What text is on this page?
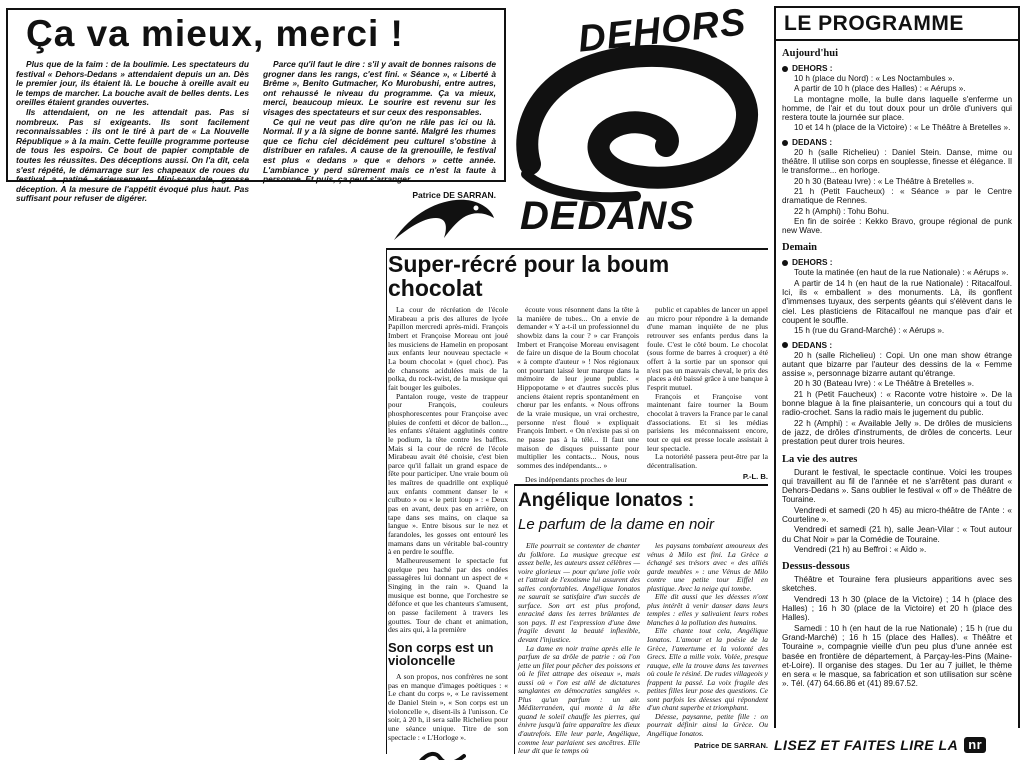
Ça va mieux, merci !

Plus que de la faim : de la boulimie. Les spectateurs du festival « Dehors-Dedans » attendaient depuis un an. Dès le premier jour, ils étaient là. Le bouche à oreille avait eu le temps de marcher. La bouche avait de belles dents. Les oreilles étaient grandes ouvertes.

Ils attendaient, on ne les attendait pas. Pas si nombreux. Pas si exigeants. Ils sont facilement reconnaissables : ils ont le tiré à part de « La Nouvelle République » à la main. Cette feuille programme porteuse de tous les espoirs. Ce bout de papier comptable de toutes les réussites. Des déceptions aussi. On l'a dit, cela s'est répété, le démarrage sur les chapeaux de roues du festival a patiné sérieusement. Mini-scandale, grosse déception. A la mesure de l'appétit évoqué plus haut. Pas suffisant pour refuser de digérer.

Parce qu'il faut le dire : s'il y avait de bonnes raisons de grogner dans les rangs, c'est fini. « Séance », « Liberté à Brême », Benito Gutmacher, Ko Murobushi, entre autres, ont rehaussé le niveau du programme. Ça va mieux, merci, beaucoup mieux. Le sourire est revenu sur les visages des spectateurs et sur ceux des responsables.

Ce qui ne veut pas dire qu'on ne râle pas ici ou là. Normal. Il y a là signe de bonne santé. Malgré les rhumes que ce fichu ciel décidément peu culturel s'obstine à distribuer en rafales. A cause de la grenouille, le festival est plus « dedans » que « dehors » cette année. L'ambiance y perd sûrement mais ce n'est la faute à personne. Et puis, ça peut s'arranger...

Patrice DE SARRAN.
DEHORS
DEDANS
LE PROGRAMME
Aujourd'hui
DEHORS :

10 h (place du Nord) : « Les Noctambules ».

A partir de 10 h (place des Halles) : « Aérups ».

La montagne molle, la bulle dans laquelle s'enferme un homme, de l'air et du tout doux pour un drôle d'univers qui restera toute la journée sur place.

10 et 14 h (place de la Victoire) : « Le Théâtre à Bretelles ».

DEDANS :

20 h (salle Richelieu) : Daniel Stein. Danse, mime ou théâtre. Il utilise son corps en souplesse, finesse et élégance. Il le transforme... en horloge.

20 h 30 (Bateau Ivre) : « Le Théâtre à Bretelles ».

21 h (Petit Faucheux) : « Séance » par le Centre dramatique de Rennes.

22 h (Amphi) : Tohu Bohu.

En fin de soirée : Kekko Bravo, groupe régional de punk new Wave.

Demain
DEHORS :

Toute la matinée (en haut de la rue Nationale) : « Aérups ».

A partir de 14 h (en haut de la rue Nationale) : Ritacalfoul. Ici, ils « emballent » des monuments. Là, ils gonflent d'immenses tuyaux, des serpents géants qui s'élèvent dans le ciel. Les plasticiens de Ritacalfoul ne manque pas d'air et coupent le souffle.

15 h (rue du Grand-Marché) : « Aérups ».

DEDANS :

20 h (salle Richelieu) : Copi. Un one man show étrange autant que bizarre par l'auteur des dessins de la « Femme assise », personnage bizarre autant qu'étrange.

20 h 30 (Bateau Ivre) : « Le Théâtre à Bretelles ».

21 h (Petit Faucheux) : « Raconte votre histoire ». De la bonne blague à la fine plaisanterie, un concours qui a tout du radio-crochet. Sans la radio mais le jugement du public.

22 h (Amphi) : « Available Jelly ». De drôles de musiciens de jazz, de drôles d'instruments, de drôles de concerts. Leur prestation peut durer trois heures.

La vie des autres

Durant le festival, le spectacle continue. Voici les troupes qui travaillent au fil de l'année et ne s'arrêtent pas durant « Dehors-Dedans ». Sans oublier le festival « off » de Théâtre de Touraine.

Vendredi et samedi (20 h 45) au micro-théâtre de l'Ante : « Courteline ».

Vendredi et samedi (21 h), salle Jean-Vilar : « Tout autour du Chat Noir » par la Comédie de Touraine.

Vendredi (21 h) au Beffroi : « Aïdo ».

Dessus-dessous

Théâtre et Touraine fera plusieurs apparitions avec ses sketches.

Vendredi 13 h 30 (place de la Victoire) ; 14 h (place des Halles) ; 16 h 30 (place de la Victoire) et 20 h (place des Halles).

Samedi : 10 h (en haut de la rue Nationale) ; 15 h (rue du Grand-Marché) ; 16 h 15 (place des Halles). « Théâtre et Touraine », compagnie vieille d'un peu plus d'une année est basée en frontière de département, à Parçay-les-Pins (Maine-et-Loire). Il organise des stages. Du 1er au 7 juillet, le thème en sera « le masque, sa fabrication et son utilisation sur scène ». Tél. (47) 64.66.86 et (41) 89.67.52.

LISEZ ET FAITES LIRE LA nr
Super-récré pour la boum chocolat

La cour de récréation de l'école Mirabeau a pris des allures de lycée Papillon mercredi après-midi. François Imbert et Françoise Moreau ont joué les musiciens de Hamelin en proposant aux enfants leur nouveau spectacle « La boum chocolat » (quel choc). Pas de chansons acidulées mais de la polka, du rock-twist, de la musique qui fait bouger les guiboles.

Pantalon rouge, veste de trappeur pour François, couleurs phosphorescentes pour Françoise avec pluies de confetti et décor de ballon..., les enfants s'étaient agglutinés contre le podium, la tête contre les baffles. Mais si la cour de récré de l'école Mirabeau avait été choisie, c'est bien parce qu'il fallait un grand espace de fête pour participer. Une vraie boum où les maîtres de quadrille ont expliqué aux enfants comment danser le « culbuto » ou « le petit loup » : « Deux pas en avant, deux pas en arrière, on tape dans ses mains, on claque sa langue ». Entre bisous sur le nez et farandoles, les gosses ont entouré les mamans dans un véritable bal-country à en perdre le souffle.

Malheureusement le spectacle fut quelque peu haché par des ondées passagères lui donnant un aspect de « Singing in the rain ». Quand la musique est bonne, que l'orchestre se défonce et que les chanteurs s'amusent, on passe facilement à travers les gouttes. Tour de chant et animation, des airs qui, à la première

Son corps est un violoncelle

A son propos, nos confrères ne sont pas en manque d'images poétiques : « Le chant du corps », « Le ravissement de Daniel Stein », « Son corps est un violoncelle », disent-ils à l'unisson. Ce soir, à 20 h, il sera salle Richelieu pour une séance unique. Titre de son spectacle : « L'Horloge ».

écoute vous résonnent dans la tête à la manière de tubes... On a envie de demander « Y a-t-il un professionnel du showbiz dans la cour ? » car François Imbert et Françoise Moreau envisagent de faire un disque de la Boum chocolat « à compte d'auteur » ! Nos régionaux ont pourtant laissé leur marque dans la mémoire de leur jeune public. « Hippopotame » et d'autres succès plus anciens étaient repris spontanément en chœur par les enfants. « Nous offrons de la vraie musique, un vrai orchestre, personne n'est floué » expliquait François Imbert. « On n'existe pas si on ne passe pas à la télé... Il faut une maison de disques puissante pour multiplier les contacts... Nous, nous sommes des indépendants... »

Des indépendants proches de leur

public et capables de lancer un appel au micro pour répondre à la demande d'une maman inquiète de ne plus retrouver ses enfants perdus dans la foule. C'est le côté boum. Le chocolat (sous forme de barres à croquer) a été offert à la sortie par un sponsor qui n'est pas un mauvais cheval, le prix des places a été baissé grâce à une banque à l'esprit mutuel.

François et Françoise vont maintenant faire tourner la Boum chocolat à travers la France par le canal d'associations. Et si les médias parisiens les méconnaissent encore, tout ce qui est presse locale assistait à leur spectacle.

La notoriété passera peut-être par la décentralisation.

P.-L. B.
Angélique Ionatos :
Le parfum de la dame en noir

Elle pourrait se contenter de chanter du folklore. La musique grecque est assez belle, les auteurs assez célèbres — voire glorieux — pour qu'une jolie voix et l'attrait de l'exotisme lui assurent des salles confortables. Angélique Ionatos ne saurait se satisfaire d'un succès de surface. Son art est plus profond, enraciné dans les terres brûlantes de son pays. Il est l'expression d'une âme fragile devant la beauté inflexible, devant l'injustice.

La dame en noir traine après elle le parfum de sa drôle de patrie : où l'on jette un filet pour pêcher des poissons et où le filet attrape des oiseaux », mais aussi où « l'on est allé de dictatures sanglantes en démocraties sanglées ». Plus qu'un parfum : un air. Méditerranéen, qui monte à la tête quand le soleil chauffe les pierres, qui énivre jusqu'à faire apparaître les dieux d'autrefois. Elle leur parle, Angélique, comme leur parlaient ses ancêtres. Elle leur dit que le temps où

les paysans tombaient amoureux des vénus à Milo est fini. La Grèce a échangé ses trésors avec « des alliés garde meubles » : une Vénus de Milo contre une petite tour Eiffel en plastique. Avec la neige qui tombe.

Elle dit aussi que les déesses n'ont plus intérêt à venir danser dans leurs temples : elles y salivaient leurs robes blanches à la pollution des humains.

Elle chante tout cela, Angélique Ionatos. L'amour et la poésie de la Grèce, l'amertume et la volonté des Grecs. Elle a mille voix. Volée, presque rauque, elle la trouve dans les tavernes où coule le résiné. De rudes villageois y frappent la passé. La voix fragile des petites filles leur pose des questions. Ce sont parfois les déesses qui répondent d'un chant superbe et triomphant.

Déesse, paysanne, petite fille : on pourrait définir ainsi la Grèce. Ou Angélique Ionatos.

Patrice DE SARRAN.
